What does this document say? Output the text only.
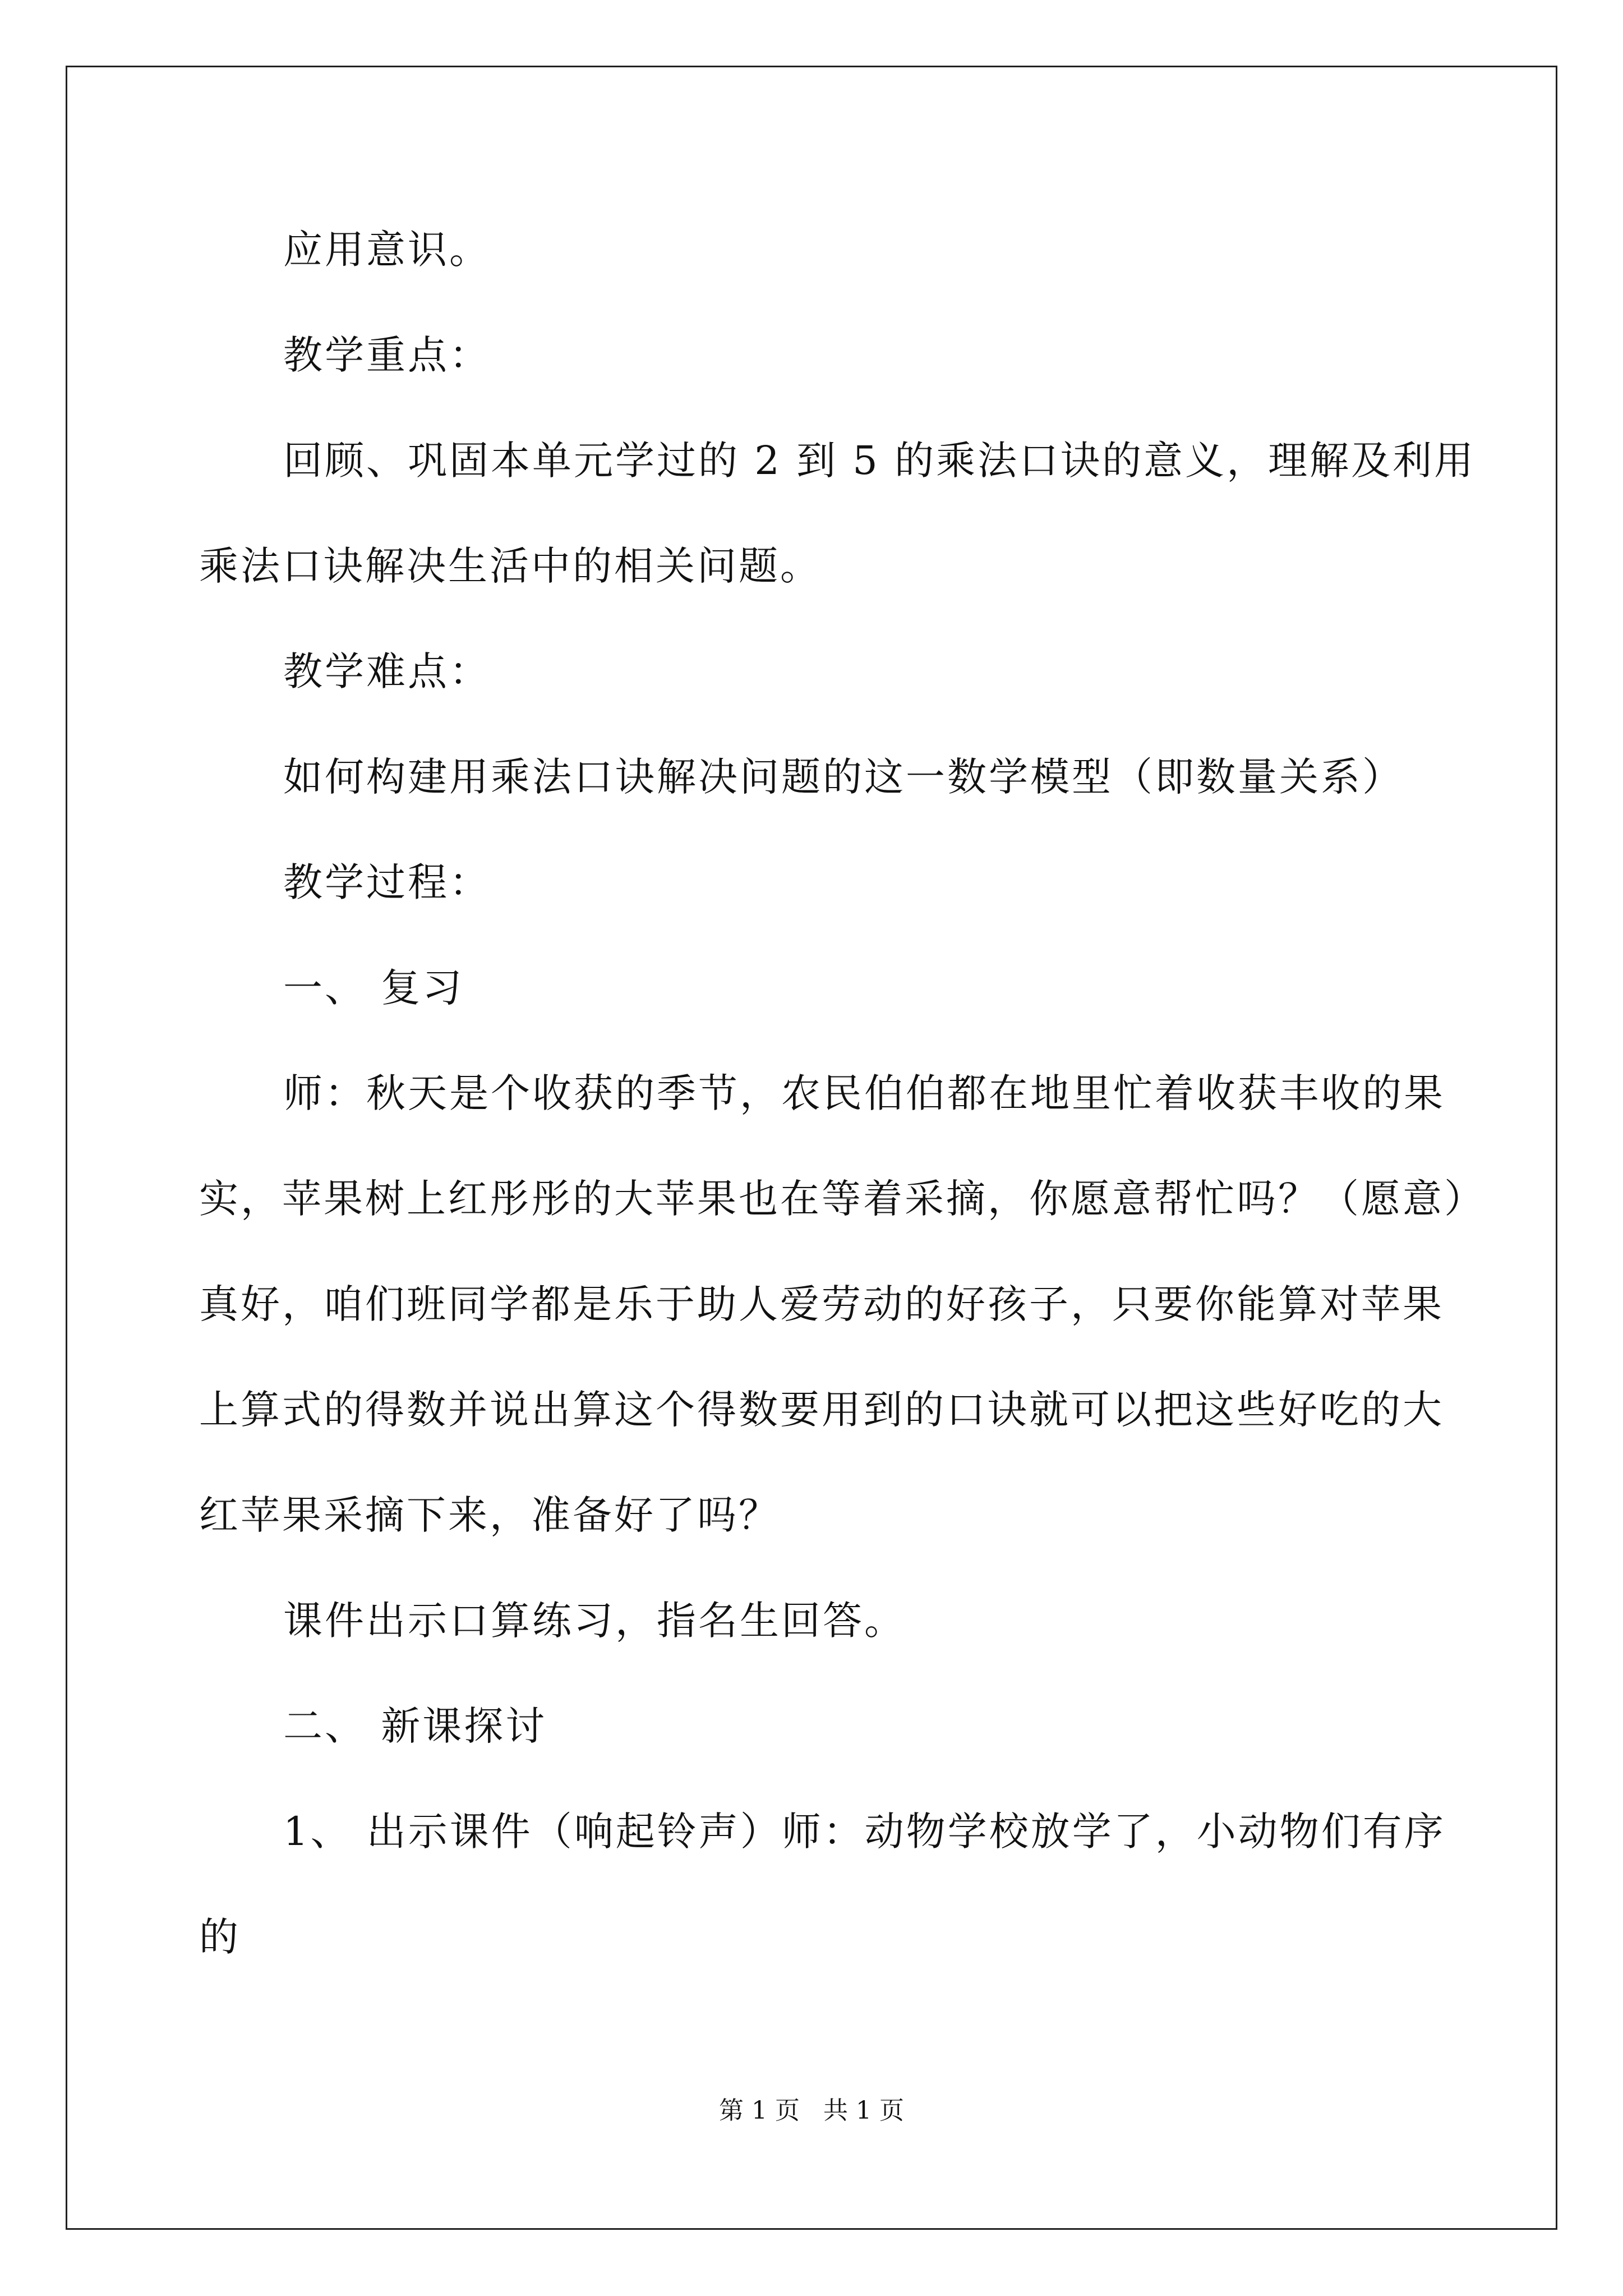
应用意识。

教学重点：

回顾、巩固本单元学过的 2 到 5 的乘法口诀的意义，理解及利用

乘法口诀解决生活中的相关问题。

教学难点：

如何构建用乘法口诀解决问题的这一数学模型（即数量关系）

教学过程：

一、 复习

师：秋天是个收获的季节，农民伯伯都在地里忙着收获丰收的果

实，苹果树上红彤彤的大苹果也在等着采摘，你愿意帮忙吗？（愿意）

真好，咱们班同学都是乐于助人爱劳动的好孩子，只要你能算对苹果

上算式的得数并说出算这个得数要用到的口诀就可以把这些好吃的大

红苹果采摘下来，准备好了吗？

课件出示口算练习，指名生回答。

二、 新课探讨

1、 出示课件（响起铃声）师：动物学校放学了，小动物们有序

的

第 1 页 共 1 页
